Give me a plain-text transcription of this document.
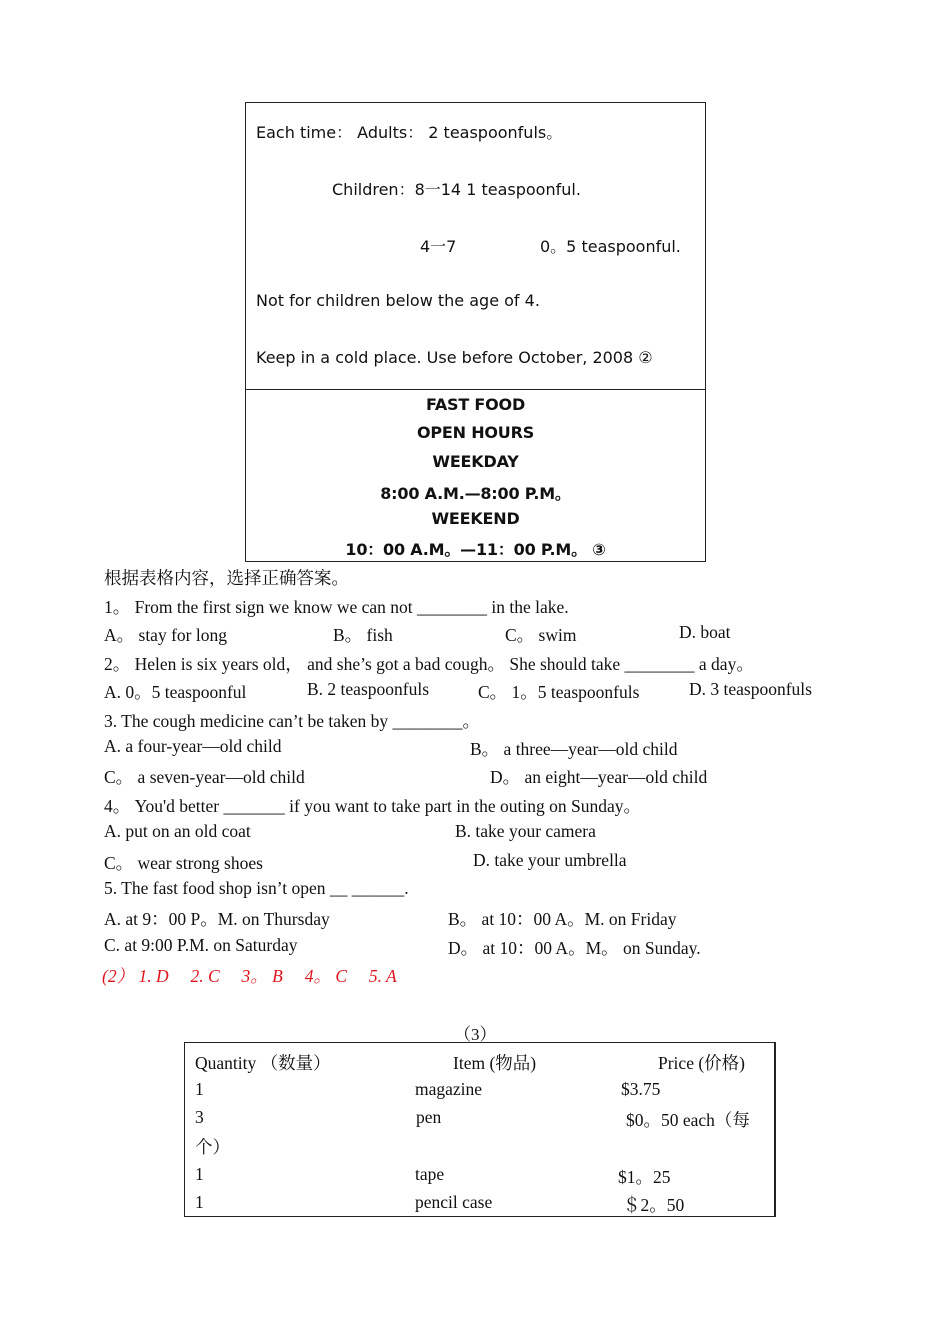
Each time： Adults： 2 teaspoonfuls。
Children：8一14 1 teaspoonful.
4一7	0。5 teaspoonful.
Not for children below the age of 4.
Keep in a cold place. Use before October, 2008 ②
FAST FOOD
OPEN HOURS
WEEKDAY
8:00 A.M.—8:00 P.M。
WEEKEND
10：00 A.M。—11：00 P.M。 ③
根据表格内容，选择正确答案。
1。 From the first sign we know we can not ________ in the lake.
A。 stay for long	B。 fish	C。 swim	D. boat
2。 Helen is six years old， and she’s got a bad cough。 She should take ________ a day。
A. 0。5 teaspoonful	B. 2 teaspoonfuls	C。 1。5 teaspoonfuls	D. 3 teaspoonfuls
3. The cough medicine can’t be taken by ________。
A. a four-year—old child	B。 a three—year—old child
C。 a seven-year—old child	D。 an eight—year—old child
4。 You'd better _______ if you want to take part in the outing on Sunday。
A. put on an old coat	B. take your camera
C。 wear strong shoes	D. take your umbrella
5. The fast food shop isn’t open __ ______.
A. at 9：00 P。M. on Thursday	B。 at 10：00 A。M. on Friday
C. at 9:00 P.M. on Saturday	D。 at 10：00 A。M。 on Sunday.
(2） 1. D     2. C     3。 B     4。 C     5. A
（3）
Quantity （数量）	Item (物品)	Price (价格)
1	magazine	$3.75
3	pen	$0。50 each（每
个）
1	tape	$1。25
1	pencil case	＄2。50
